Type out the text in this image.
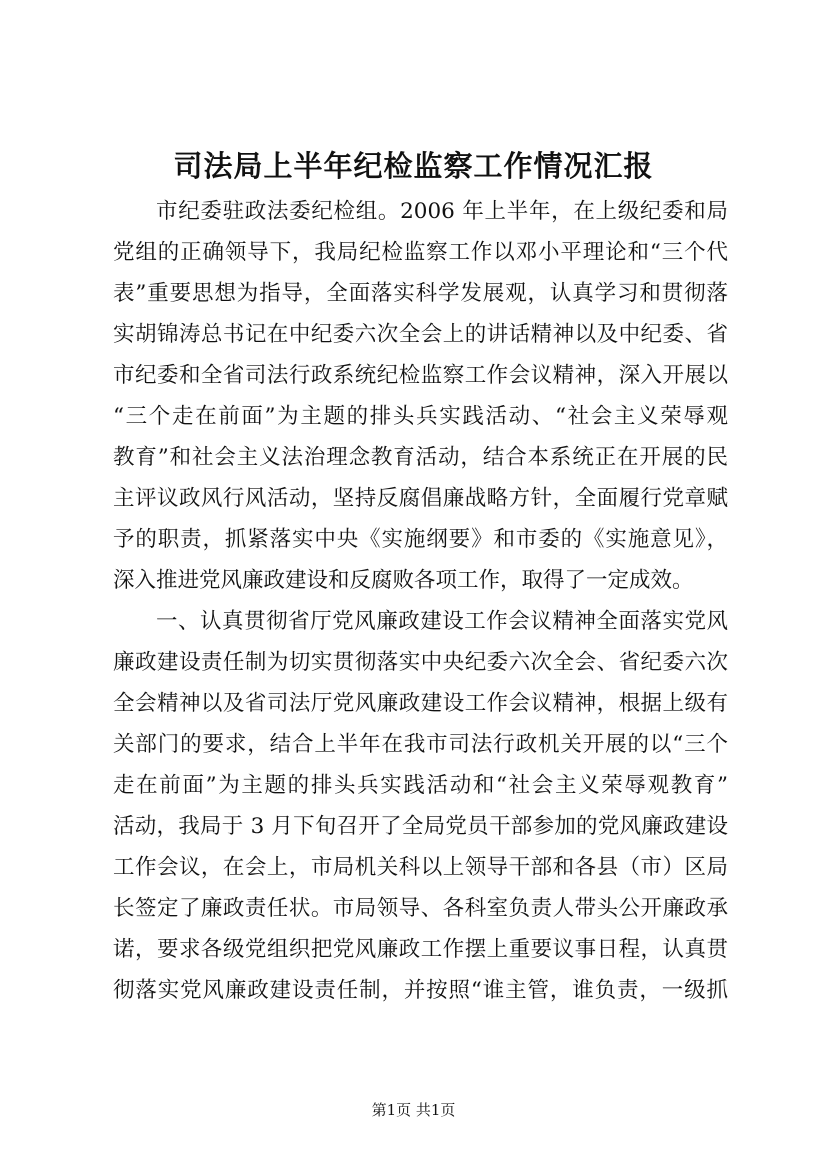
司法局上半年纪检监察工作情况汇报
市纪委驻政法委纪检组。2006 年上半年，在上级纪委和局
党组的正确领导下，我局纪检监察工作以邓小平理论和“三个代
表”重要思想为指导，全面落实科学发展观，认真学习和贯彻落
实胡锦涛总书记在中纪委六次全会上的讲话精神以及中纪委、省
市纪委和全省司法行政系统纪检监察工作会议精神，深入开展以
“三个走在前面”为主题的排头兵实践活动、“社会主义荣辱观
教育”和社会主义法治理念教育活动，结合本系统正在开展的民
主评议政风行风活动，坚持反腐倡廉战略方针，全面履行党章赋
予的职责，抓紧落实中央《实施纲要》和市委的《实施意见》，
深入推进党风廉政建设和反腐败各项工作，取得了一定成效。
一、认真贯彻省厅党风廉政建设工作会议精神全面落实党风
廉政建设责任制为切实贯彻落实中央纪委六次全会、省纪委六次
全会精神以及省司法厅党风廉政建设工作会议精神，根据上级有
关部门的要求，结合上半年在我市司法行政机关开展的以“三个
走在前面”为主题的排头兵实践活动和“社会主义荣辱观教育”
活动，我局于 3 月下旬召开了全局党员干部参加的党风廉政建设
工作会议，在会上，市局机关科以上领导干部和各县（市）区局
长签定了廉政责任状。市局领导、各科室负责人带头公开廉政承
诺，要求各级党组织把党风廉政工作摆上重要议事日程，认真贯
彻落实党风廉政建设责任制，并按照“谁主管，谁负责，一级抓
第1页 共1页
